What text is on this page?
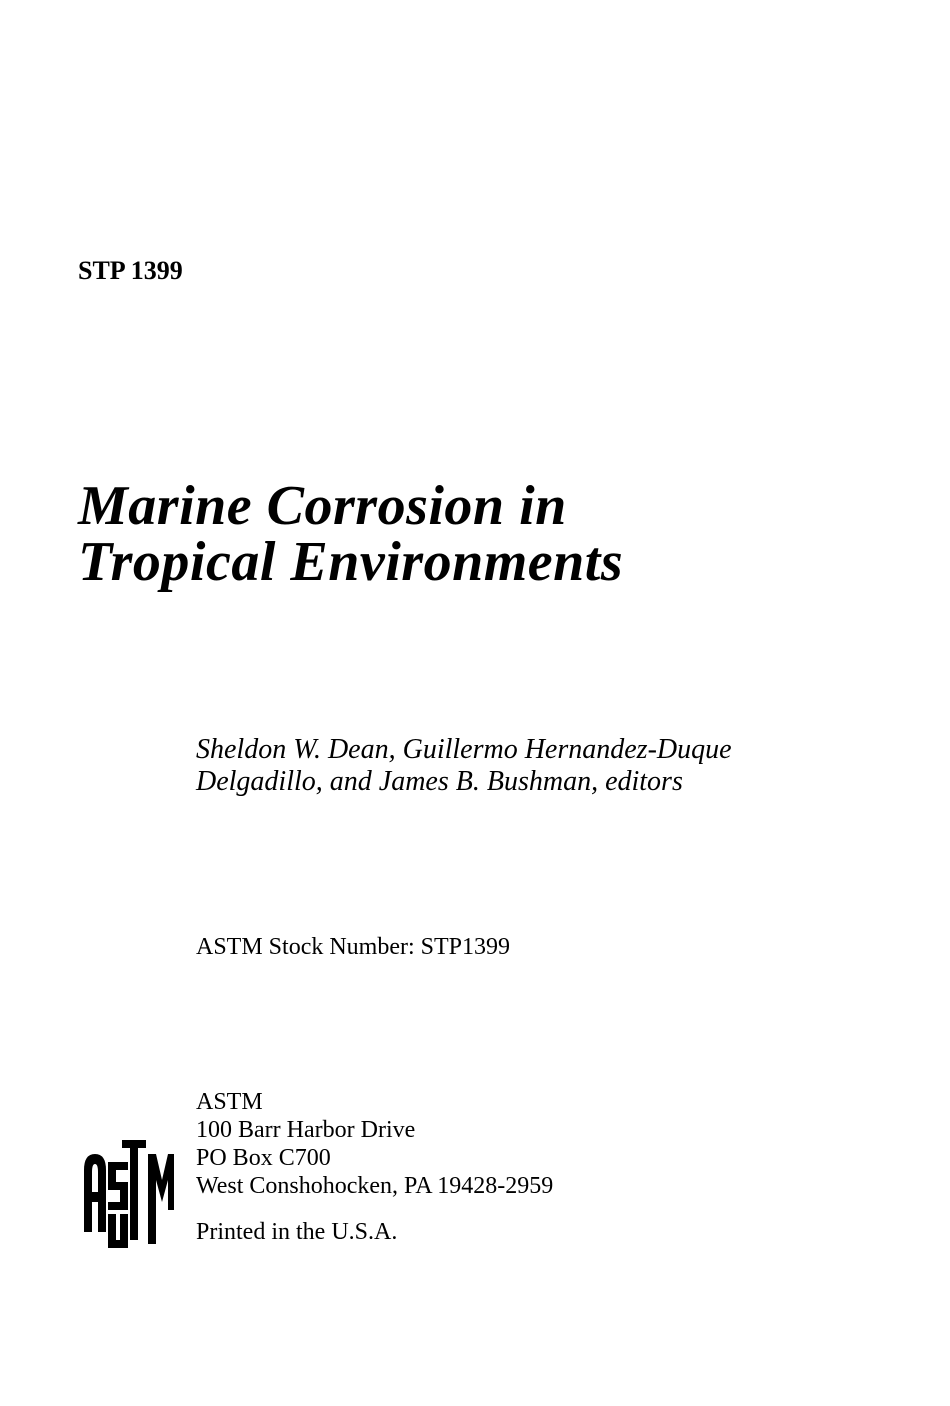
STP 1399
Marine Corrosion in
Tropical Environments
Sheldon W. Dean, Guillermo Hernandez-Duque
Delgadillo, and James B. Bushman, editors
ASTM Stock Number: STP1399
ASTM
100 Barr Harbor Drive
PO Box C700
West Conshohocken, PA 19428-2959
Printed in the U.S.A.
